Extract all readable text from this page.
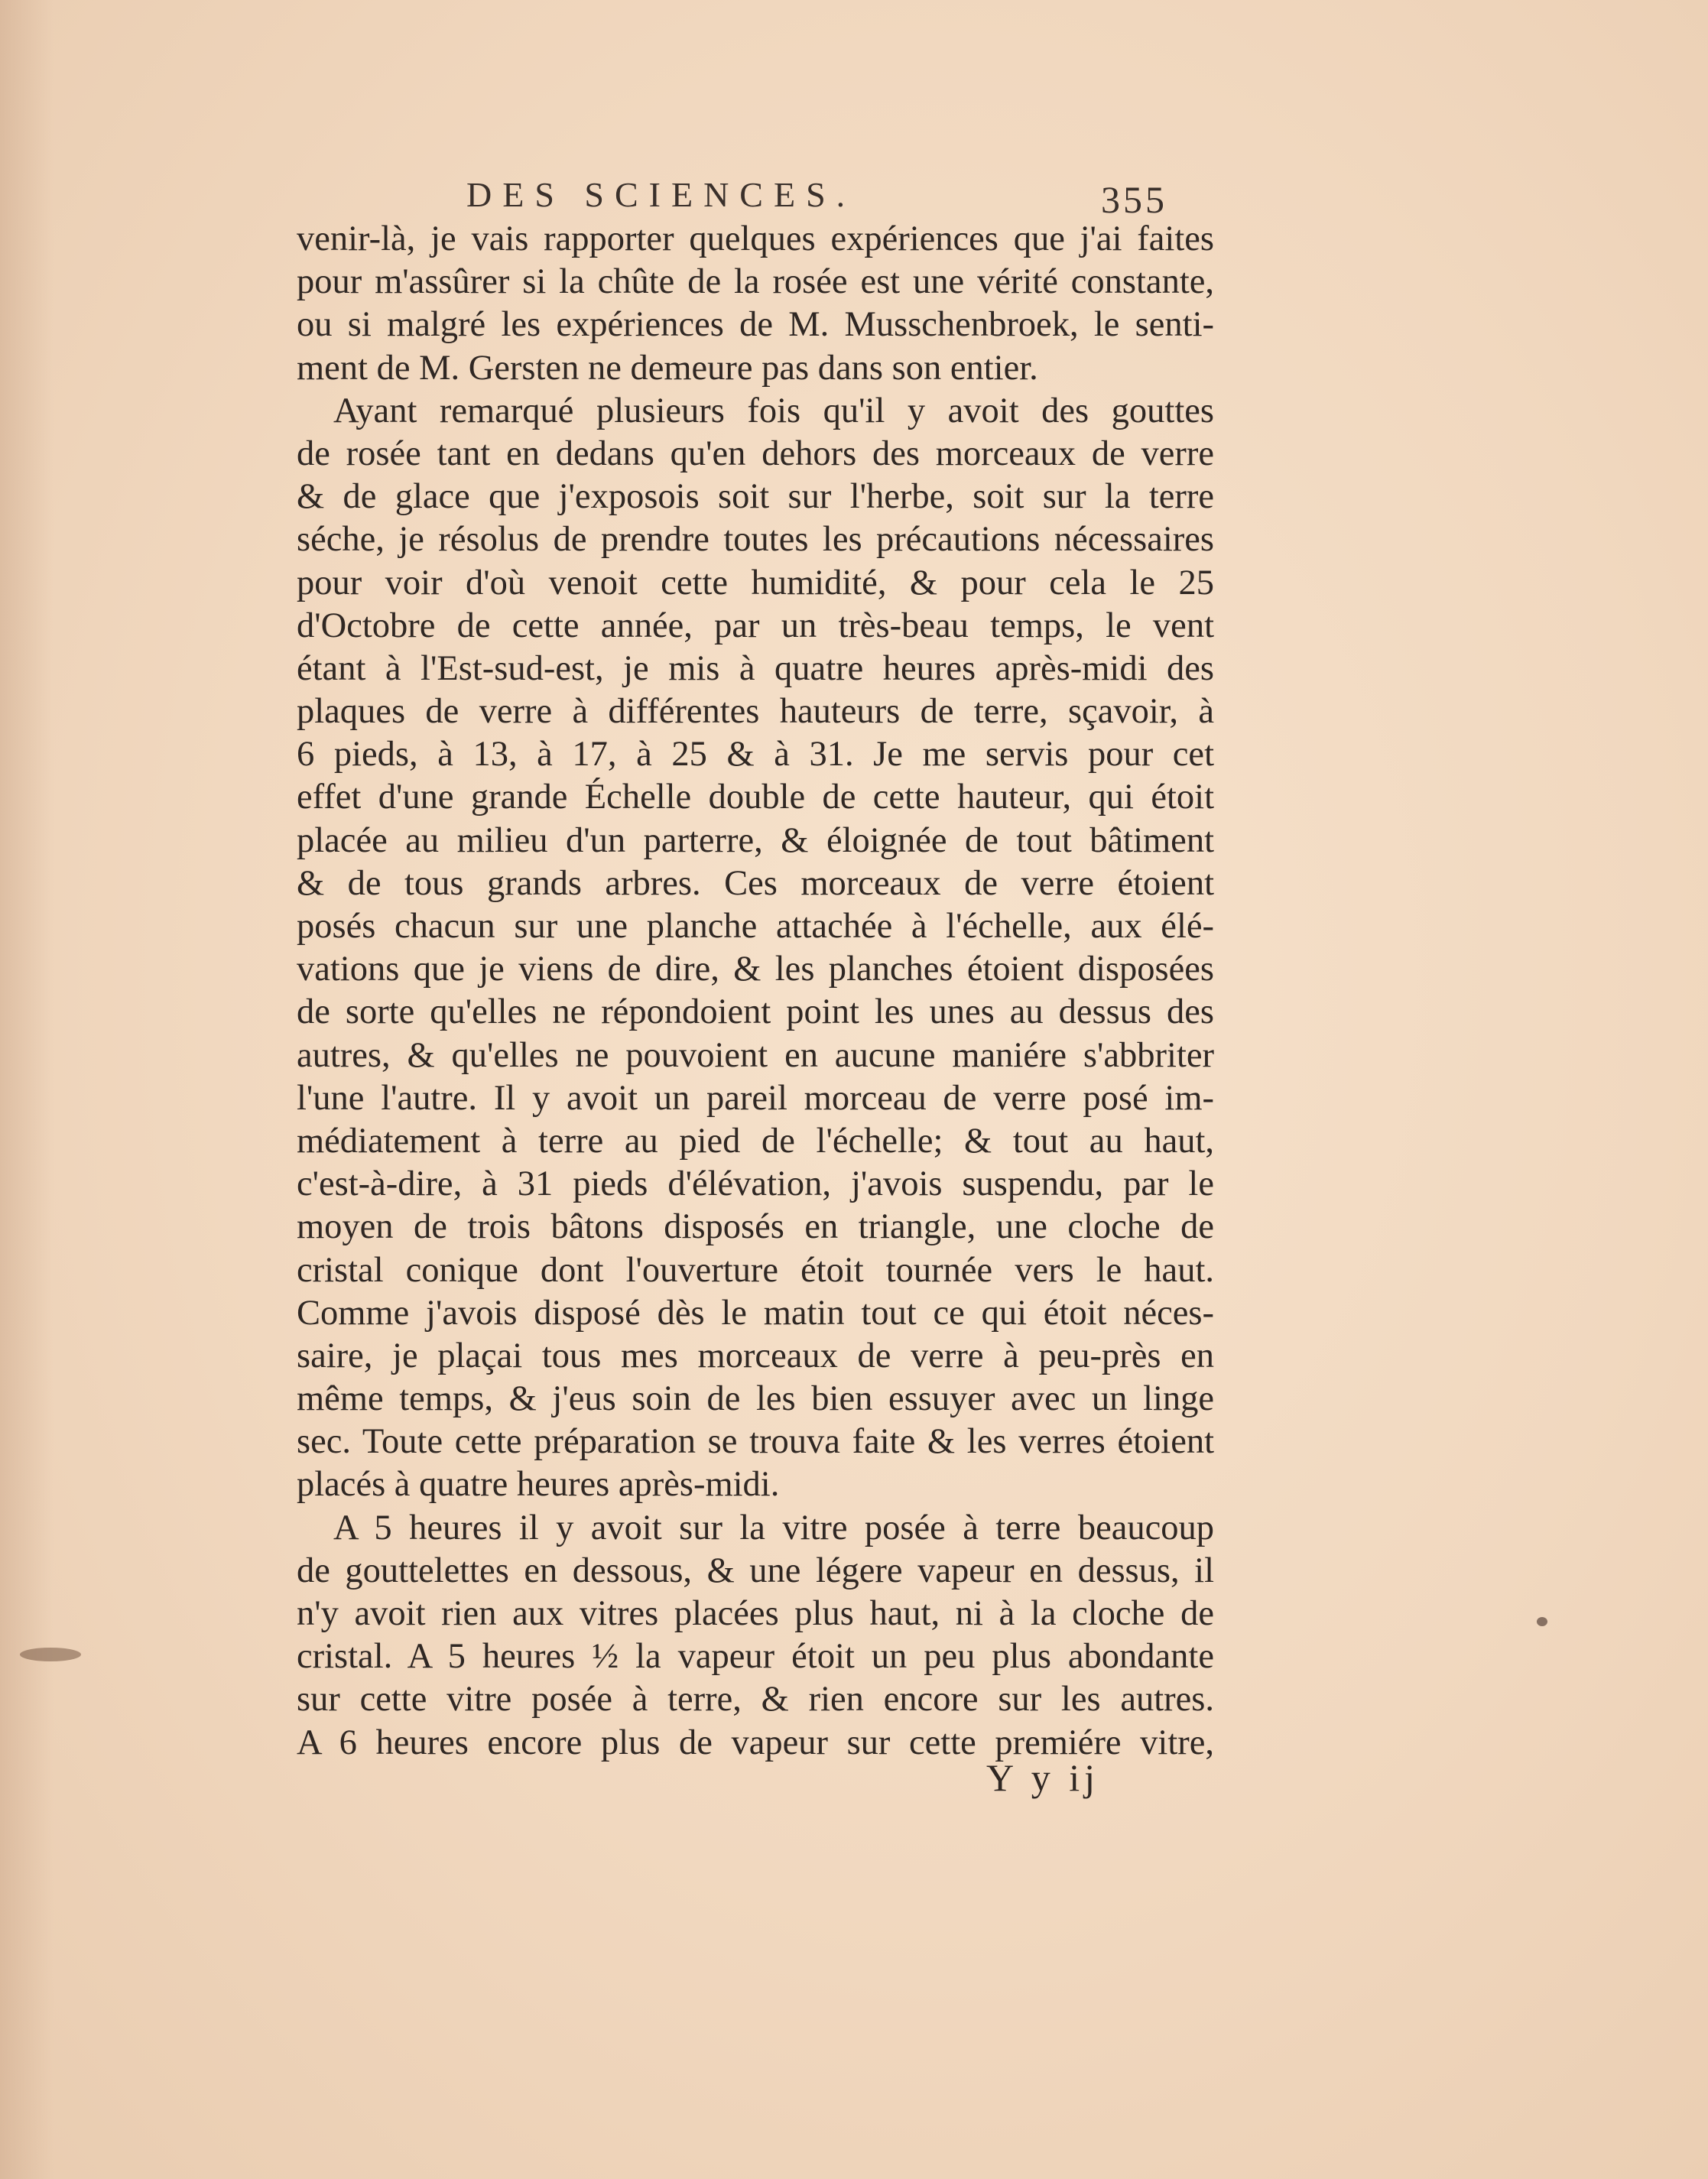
DES SCIENCES.	355
venir-là, je vais rapporter quelques expériences que j'ai faites
pour m'assûrer si la chûte de la rosée est une vérité constante,
ou si malgré les expériences de M. Musschenbroek, le senti-
ment de M. Gersten ne demeure pas dans son entier.
Ayant remarqué plusieurs fois qu'il y avoit des gouttes
de rosée tant en dedans qu'en dehors des morceaux de verre
& de glace que j'exposois soit sur l'herbe, soit sur la terre
séche, je résolus de prendre toutes les précautions nécessaires
pour voir d'où venoit cette humidité, & pour cela le 25
d'Octobre de cette année, par un très-beau temps, le vent
étant à l'Est-sud-est, je mis à quatre heures après-midi des
plaques de verre à différentes hauteurs de terre, sçavoir, à
6 pieds, à 13, à 17, à 25 & à 31. Je me servis pour cet
effet d'une grande Échelle double de cette hauteur, qui étoit
placée au milieu d'un parterre, & éloignée de tout bâtiment
& de tous grands arbres. Ces morceaux de verre étoient
posés chacun sur une planche attachée à l'échelle, aux élé-
vations que je viens de dire, & les planches étoient disposées
de sorte qu'elles ne répondoient point les unes au dessus des
autres, & qu'elles ne pouvoient en aucune maniére s'abbriter
l'une l'autre. Il y avoit un pareil morceau de verre posé im-
médiatement à terre au pied de l'échelle; & tout au haut,
c'est-à-dire, à 31 pieds d'élévation, j'avois suspendu, par le
moyen de trois bâtons disposés en triangle, une cloche de
cristal conique dont l'ouverture étoit tournée vers le haut.
Comme j'avois disposé dès le matin tout ce qui étoit néces-
saire, je plaçai tous mes morceaux de verre à peu-près en
même temps, & j'eus soin de les bien essuyer avec un linge
sec. Toute cette préparation se trouva faite & les verres étoient
placés à quatre heures après-midi.
A 5 heures il y avoit sur la vitre posée à terre beaucoup
de gouttelettes en dessous, & une légere vapeur en dessus, il
n'y avoit rien aux vitres placées plus haut, ni à la cloche de
cristal. A 5 heures ½ la vapeur étoit un peu plus abondante
sur cette vitre posée à terre, & rien encore sur les autres.
A 6 heures encore plus de vapeur sur cette premiére vitre,
Y y ij
